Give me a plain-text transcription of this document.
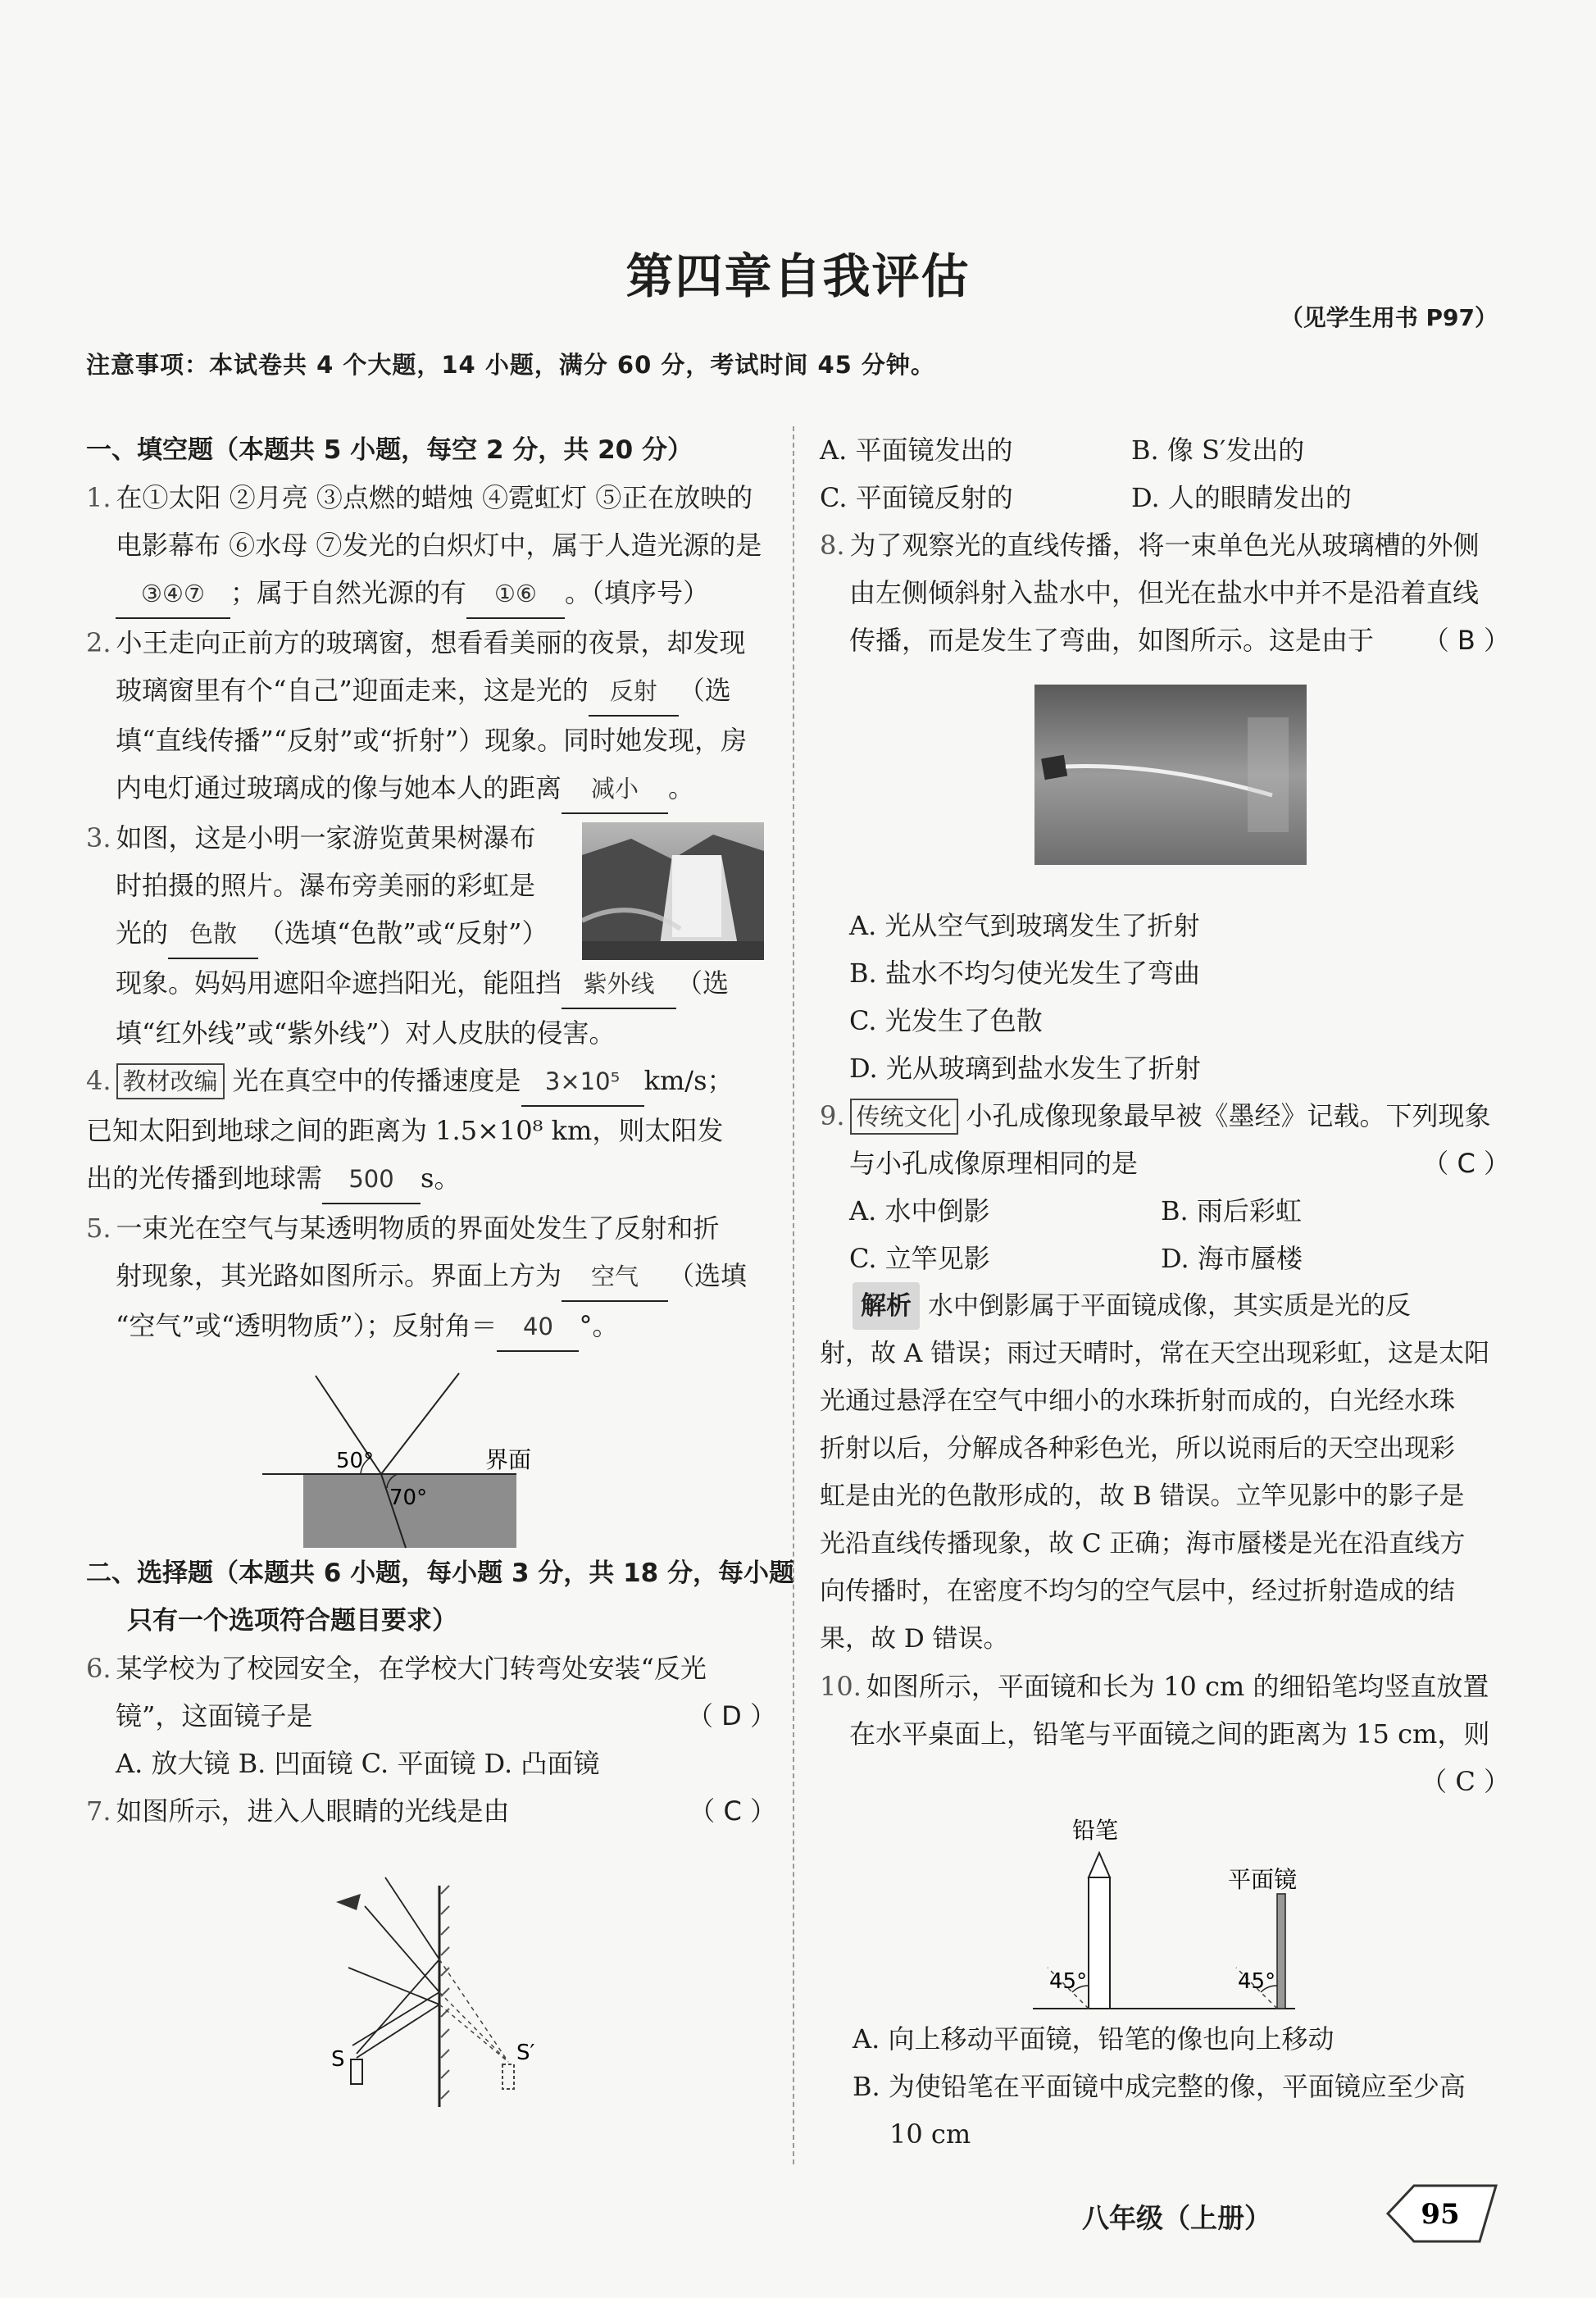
第四章自我评估
（见学生用书 P97）
注意事项：本试卷共 4 个大题，14 小题，满分 60 分，考试时间 45 分钟。
一、填空题（本题共 5 小题，每空 2 分，共 20 分）
1. 在①太阳 ②月亮 ③点燃的蜡烛 ④霓虹灯 ⑤正在放映的
电影幕布 ⑥水母 ⑦发光的白炽灯中，属于人造光源的是
③④⑦ ；属于自然光源的有 ①⑥ 。（填序号）
2. 小王走向正前方的玻璃窗，想看看美丽的夜景，却发现
玻璃窗里有个“自己”迎面走来，这是光的 反射 （选
填“直线传播”“反射”或“折射”）现象。同时她发现，房
内电灯通过玻璃成的像与她本人的距离 减小 。
3. 如图，这是小明一家游览黄果树瀑布
时拍摄的照片。瀑布旁美丽的彩虹是
光的 色散 （选填“色散”或“反射”）
现象。妈妈用遮阳伞遮挡阳光，能阻挡 紫外线 （选
填“红外线”或“紫外线”）对人皮肤的侵害。
4. 教材改编 光在真空中的传播速度是 3×10⁵ km/s；
已知太阳到地球之间的距离为 1.5×10⁸ km，则太阳发
出的光传播到地球需 500 s。
5. 一束光在空气与某透明物质的界面处发生了反射和折
射现象，其光路如图所示。界面上方为 空气 （选填
“空气”或“透明物质”）；反射角＝ 40 °。
50°
70°
界面
二、选择题（本题共 6 小题，每小题 3 分，共 18 分，每小题
只有一个选项符合题目要求）
6. 某学校为了校园安全，在学校大门转弯处安装“反光
镜”，这面镜子是	（ D ）
A. 放大镜 B. 凹面镜 C. 平面镜 D. 凸面镜
7. 如图所示，进入人眼睛的光线是由	（ C ）
S	S′
A. 平面镜发出的	B. 像 S′发出的
C. 平面镜反射的	D. 人的眼睛发出的
8. 为了观察光的直线传播，将一束单色光从玻璃槽的外侧
由左侧倾斜射入盐水中，但光在盐水中并不是沿着直线
传播，而是发生了弯曲，如图所示。这是由于 （ B ）
A. 光从空气到玻璃发生了折射
B. 盐水不均匀使光发生了弯曲
C. 光发生了色散
D. 光从玻璃到盐水发生了折射
9. 传统文化 小孔成像现象最早被《墨经》记载。下列现象
与小孔成像原理相同的是	（ C ）
A. 水中倒影	B. 雨后彩虹
C. 立竿见影	D. 海市蜃楼
解析 水中倒影属于平面镜成像，其实质是光的反
射，故 A 错误；雨过天晴时，常在天空出现彩虹，这是太阳
光通过悬浮在空气中细小的水珠折射而成的，白光经水珠
折射以后，分解成各种彩色光，所以说雨后的天空出现彩
虹是由光的色散形成的，故 B 错误。立竿见影中的影子是
光沿直线传播现象，故 C 正确；海市蜃楼是光在沿直线方
向传播时，在密度不均匀的空气层中，经过折射造成的结
果，故 D 错误。
10. 如图所示，平面镜和长为 10 cm 的细铅笔均竖直放置
在水平桌面上，铅笔与平面镜之间的距离为 15 cm，则
（ C ）
铅笔
平面镜
45°	45°
A. 向上移动平面镜，铅笔的像也向上移动
B. 为使铅笔在平面镜中成完整的像，平面镜应至少高
10 cm
八年级（上册）	95
